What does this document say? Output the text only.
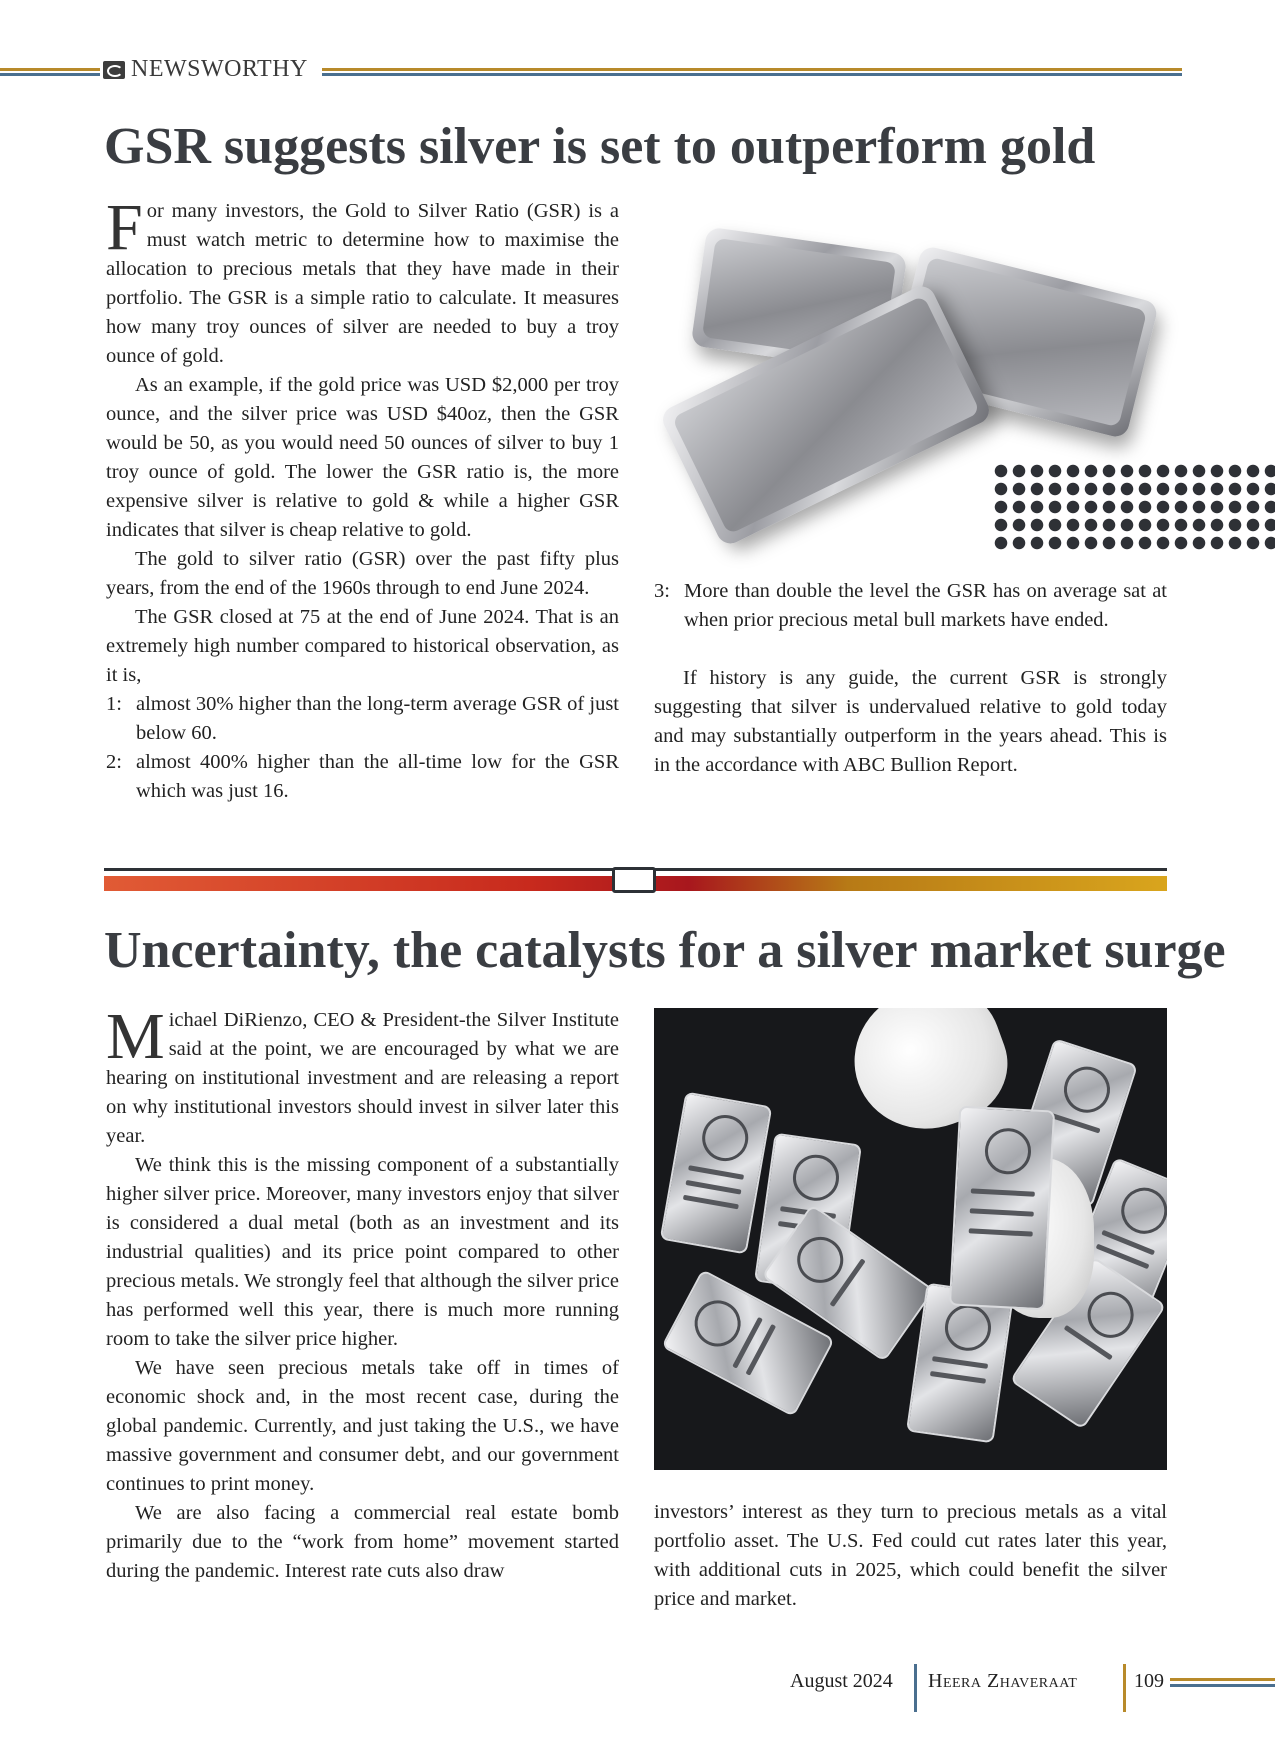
NEWSWORTHY
GSR suggests silver is set to outperform gold

For many investors, the Gold to Silver Ratio (GSR) is a must watch metric to determine how to maximise the allocation to precious metals that they have made in their portfolio. The GSR is a simple ratio to calculate. It measures how many troy ounces of silver are needed to buy a troy ounce of gold.

As an example, if the gold price was USD $2,000 per troy ounce, and the silver price was USD $40oz, then the GSR would be 50, as you would need 50 ounces of silver to buy 1 troy ounce of gold. The lower the GSR ratio is, the more expensive silver is relative to gold & while a higher GSR indicates that silver is cheap relative to gold.

The gold to silver ratio (GSR) over the past fifty plus years, from the end of the 1960s through to end June 2024.

The GSR closed at 75 at the end of June 2024. That is an extremely high number compared to historical observation, as it is,

1: almost 30% higher than the long-term average GSR of just below 60.
2: almost 400% higher than the all-time low for the GSR which was just 16.
3: More than double the level the GSR has on average sat at when prior precious metal bull markets have ended.

If history is any guide, the current GSR is strongly suggesting that silver is undervalued relative to gold today and may substantially outperform in the years ahead. This is in the accordance with ABC Bullion Report.

Uncertainty, the catalysts for a silver market surge

Michael DiRienzo, CEO & President-the Silver Institute said at the point, we are encouraged by what we are hearing on institutional investment and are releasing a report on why institutional investors should invest in silver later this year.

We think this is the missing component of a substantially higher silver price. Moreover, many investors enjoy that silver is considered a dual metal (both as an investment and its industrial qualities) and its price point compared to other precious metals. We strongly feel that although the silver price has performed well this year, there is much more running room to take the silver price higher.

We have seen precious metals take off in times of economic shock and, in the most recent case, during the global pandemic. Currently, and just taking the U.S., we have massive government and consumer debt, and our government continues to print money.

We are also facing a commercial real estate bomb primarily due to the “work from home” movement started during the pandemic. Interest rate cuts also draw

investors’ interest as they turn to precious metals as a vital portfolio asset. The U.S. Fed could cut rates later this year, with additional cuts in 2025, which could benefit the silver price and market.

August 2024 Heera Zhaveraat	109
